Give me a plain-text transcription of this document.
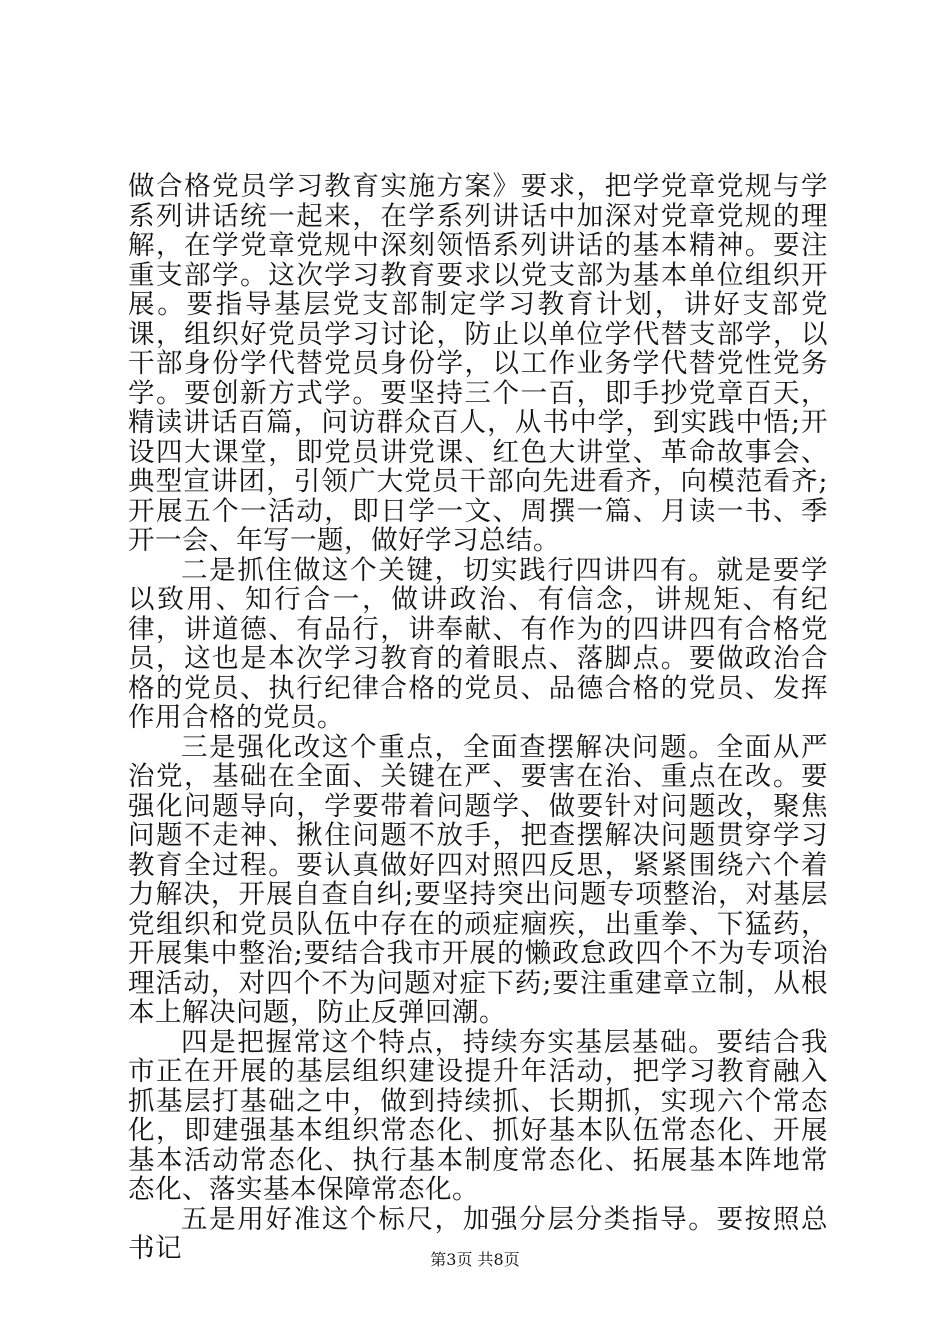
做合格党员学习教育实施方案》要求，把学党章党规与学系列讲话统一起来，在学系列讲话中加深对党章党规的理解，在学党章党规中深刻领悟系列讲话的基本精神。要注重支部学。这次学习教育要求以党支部为基本单位组织开展。要指导基层党支部制定学习教育计划，讲好支部党课，组织好党员学习讨论，防止以单位学代替支部学，以干部身份学代替党员身份学，以工作业务学代替党性党务学。要创新方式学。要坚持三个一百，即手抄党章百天，精读讲话百篇，问访群众百人，从书中学，到实践中悟;开设四大课堂，即党员讲党课、红色大讲堂、革命故事会、典型宣讲团，引领广大党员干部向先进看齐，向模范看齐;开展五个一活动，即日学一文、周撰一篇、月读一书、季开一会、年写一题，做好学习总结。

二是抓住做这个关键，切实践行四讲四有。就是要学以致用、知行合一，做讲政治、有信念，讲规矩、有纪律，讲道德、有品行，讲奉献、有作为的四讲四有合格党员，这也是本次学习教育的着眼点、落脚点。要做政治合格的党员、执行纪律合格的党员、品德合格的党员、发挥作用合格的党员。

三是强化改这个重点，全面查摆解决问题。全面从严治党，基础在全面、关键在严、要害在治、重点在改。要强化问题导向，学要带着问题学、做要针对问题改，聚焦问题不走神、揪住问题不放手，把查摆解决问题贯穿学习教育全过程。要认真做好四对照四反思，紧紧围绕六个着力解决，开展自查自纠;要坚持突出问题专项整治，对基层党组织和党员队伍中存在的顽症痼疾，出重拳、下猛药，开展集中整治;要结合我市开展的懒政怠政四个不为专项治理活动，对四个不为问题对症下药;要注重建章立制，从根本上解决问题，防止反弹回潮。

四是把握常这个特点，持续夯实基层基础。要结合我市正在开展的基层组织建设提升年活动，把学习教育融入抓基层打基础之中，做到持续抓、长期抓，实现六个常态化，即建强基本组织常态化、抓好基本队伍常态化、开展基本活动常态化、执行基本制度常态化、拓展基本阵地常态化、落实基本保障常态化。

五是用好准这个标尺，加强分层分类指导。要按照总书记	第3页 共8页
